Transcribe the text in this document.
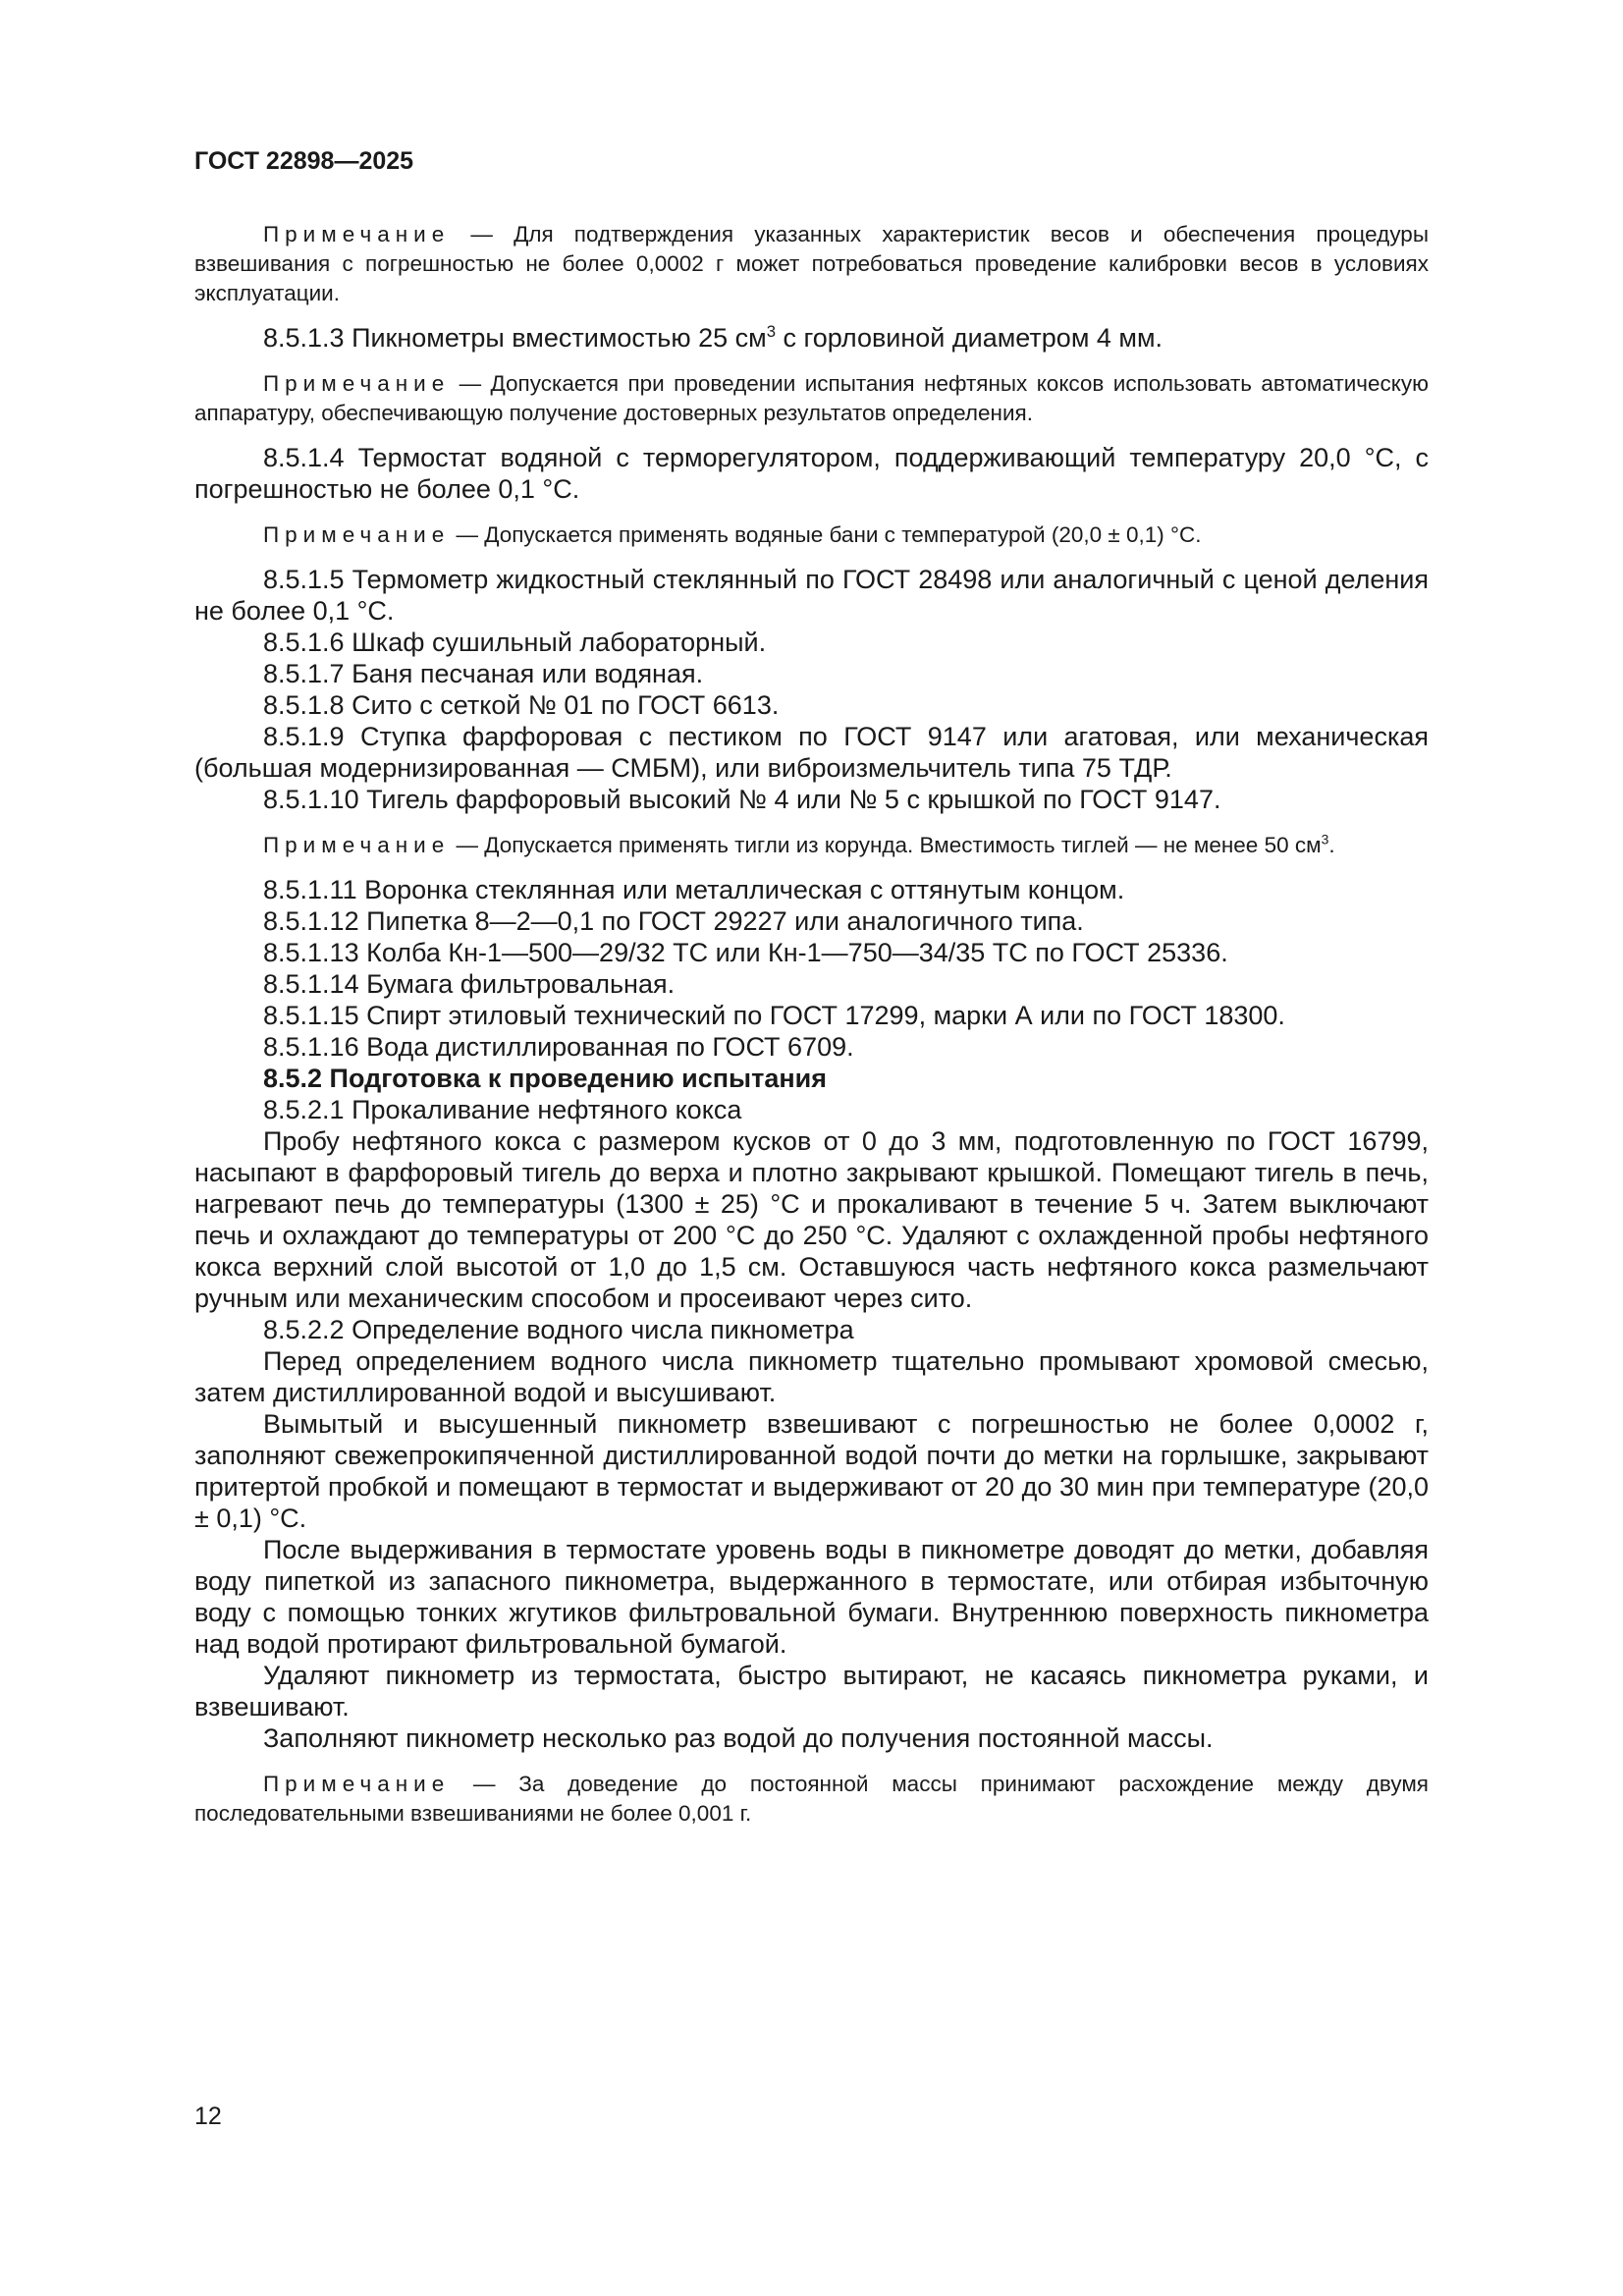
ГОСТ 22898—2025

Примечание — Для подтверждения указанных характеристик весов и обеспечения процедуры взвешивания с погрешностью не более 0,0002 г может потребоваться проведение калибровки весов в условиях эксплуатации.

8.5.1.3 Пикнометры вместимостью 25 $см^3$ с горловиной диаметром 4 мм.

Примечание — Допускается при проведении испытания нефтяных коксов использовать автоматическую аппаратуру, обеспечивающую получение достоверных результатов определения.

8.5.1.4 Термостат водяной с терморегулятором, поддерживающий температуру 20,0 °С, с погрешностью не более 0,1 °С.

Примечание — Допускается применять водяные бани с температурой (20,0 ± 0,1) °С.

8.5.1.5 Термометр жидкостный стеклянный по ГОСТ 28498 или аналогичный с ценой деления не более 0,1 °С.

8.5.1.6 Шкаф сушильный лабораторный.

8.5.1.7 Баня песчаная или водяная.

8.5.1.8 Сито с сеткой № 01 по ГОСТ 6613.

8.5.1.9 Ступка фарфоровая с пестиком по ГОСТ 9147 или агатовая, или механическая (большая модернизированная — СМБМ), или виброизмельчитель типа 75 ТДР.

8.5.1.10 Тигель фарфоровый высокий № 4 или № 5 с крышкой по ГОСТ 9147.

Примечание — Допускается применять тигли из корунда. Вместимость тиглей — не менее 50 $см^3$.

8.5.1.11 Воронка стеклянная или металлическая с оттянутым концом.

8.5.1.12 Пипетка 8—2—0,1 по ГОСТ 29227 или аналогичного типа.

8.5.1.13 Колба Кн-1—500—29/32 ТС или Кн-1—750—34/35 ТС по ГОСТ 25336.

8.5.1.14 Бумага фильтровальная.

8.5.1.15 Спирт этиловый технический по ГОСТ 17299, марки А или по ГОСТ 18300.

8.5.1.16 Вода дистиллированная по ГОСТ 6709.

8.5.2 Подготовка к проведению испытания

8.5.2.1 Прокаливание нефтяного кокса

Пробу нефтяного кокса с размером кусков от 0 до 3 мм, подготовленную по ГОСТ 16799, насыпают в фарфоровый тигель до верха и плотно закрывают крышкой. Помещают тигель в печь, нагревают печь до температуры (1300 ± 25) °С и прокаливают в течение 5 ч. Затем выключают печь и охлаждают до температуры от 200 °С до 250 °С. Удаляют с охлажденной пробы нефтяного кокса верхний слой высотой от 1,0 до 1,5 см. Оставшуюся часть нефтяного кокса размельчают ручным или механическим способом и просеивают через сито.

8.5.2.2 Определение водного числа пикнометра

Перед определением водного числа пикнометр тщательно промывают хромовой смесью, затем дистиллированной водой и высушивают.

Вымытый и высушенный пикнометр взвешивают с погрешностью не более 0,0002 г, заполняют свежепрокипяченной дистиллированной водой почти до метки на горлышке, закрывают притертой пробкой и помещают в термостат и выдерживают от 20 до 30 мин при температуре (20,0 ± 0,1) °С.

После выдерживания в термостате уровень воды в пикнометре доводят до метки, добавляя воду пипеткой из запасного пикнометра, выдержанного в термостате, или отбирая избыточную воду с помощью тонких жгутиков фильтровальной бумаги. Внутреннюю поверхность пикнометра над водой протирают фильтровальной бумагой.

Удаляют пикнометр из термостата, быстро вытирают, не касаясь пикнометра руками, и взвешивают.

Заполняют пикнометр несколько раз водой до получения постоянной массы.

Примечание — За доведение до постоянной массы принимают расхождение между двумя последовательными взвешиваниями не более 0,001 г.

12
